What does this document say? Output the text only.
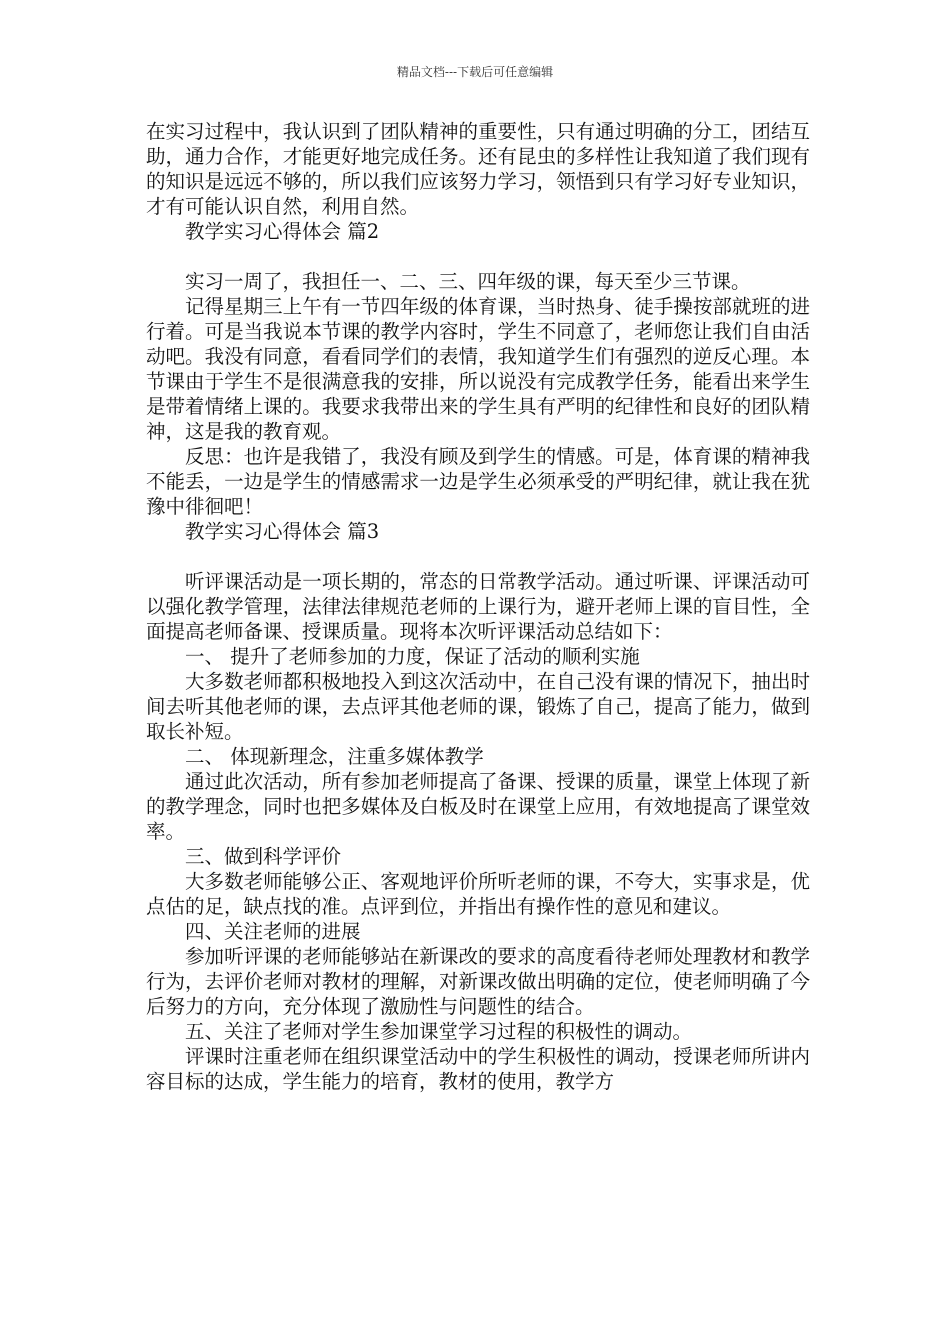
精品文档---下载后可任意编辑

在实习过程中，我认识到了团队精神的重要性，只有通过明确的分工，团结互助，通力合作，才能更好地完成任务。还有昆虫的多样性让我知道了我们现有的知识是远远不够的，所以我们应该努力学习，领悟到只有学习好专业知识，才有可能认识自然，利用自然。

教学实习心得体会 篇2

实习一周了，我担任一、二、三、四年级的课，每天至少三节课。

记得星期三上午有一节四年级的体育课，当时热身、徒手操按部就班的进行着。可是当我说本节课的教学内容时，学生不同意了，老师您让我们自由活动吧。我没有同意，看看同学们的表情，我知道学生们有强烈的逆反心理。本节课由于学生不是很满意我的安排，所以说没有完成教学任务，能看出来学生是带着情绪上课的。我要求我带出来的学生具有严明的纪律性和良好的团队精神，这是我的教育观。

反思：也许是我错了，我没有顾及到学生的情感。可是，体育课的精神我不能丢，一边是学生的情感需求一边是学生必须承受的严明纪律，就让我在犹豫中徘徊吧！

教学实习心得体会 篇3

听评课活动是一项长期的，常态的日常教学活动。通过听课、评课活动可以强化教学管理，法律法律规范老师的上课行为，避开老师上课的盲目性，全面提高老师备课、授课质量。现将本次听评课活动总结如下：

一、 提升了老师参加的力度，保证了活动的顺利实施

大多数老师都积极地投入到这次活动中，在自己没有课的情况下，抽出时间去听其他老师的课，去点评其他老师的课，锻炼了自己，提高了能力，做到取长补短。

二、 体现新理念，注重多媒体教学

通过此次活动，所有参加老师提高了备课、授课的质量，课堂上体现了新的教学理念，同时也把多媒体及白板及时在课堂上应用，有效地提高了课堂效率。

三、做到科学评价

大多数老师能够公正、客观地评价所听老师的课，不夸大，实事求是，优点估的足，缺点找的准。点评到位，并指出有操作性的意见和建议。

四、关注老师的进展

参加听评课的老师能够站在新课改的要求的高度看待老师处理教材和教学行为，去评价老师对教材的理解，对新课改做出明确的定位，使老师明确了今后努力的方向，充分体现了激励性与问题性的结合。

五、关注了老师对学生参加课堂学习过程的积极性的调动。

评课时注重老师在组织课堂活动中的学生积极性的调动，授课老师所讲内容目标的达成，学生能力的培育，教材的使用，教学方
